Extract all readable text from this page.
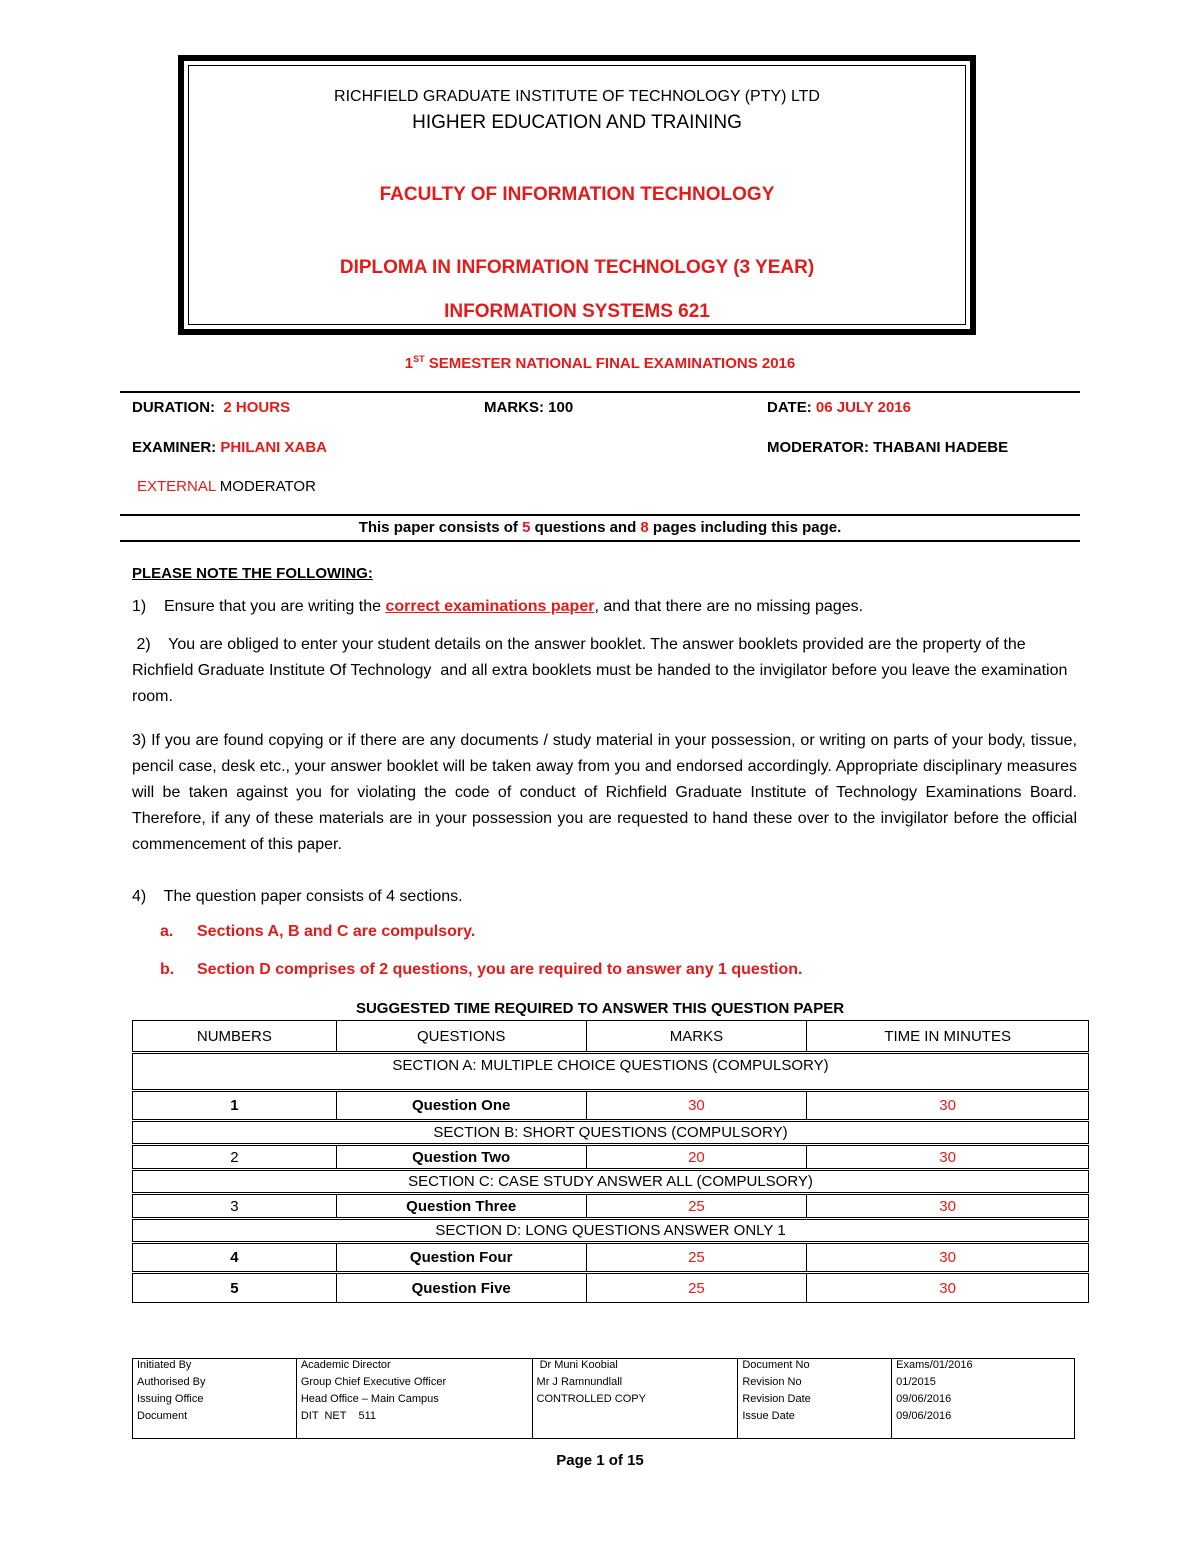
RICHFIELD GRADUATE INSTITUTE OF TECHNOLOGY (PTY) LTD
HIGHER EDUCATION AND TRAINING
FACULTY OF INFORMATION TECHNOLOGY
DIPLOMA IN INFORMATION TECHNOLOGY (3 YEAR)
INFORMATION SYSTEMS 621
1ST SEMESTER NATIONAL FINAL EXAMINATIONS 2016
DURATION: 2 HOURS	MARKS: 100	DATE: 06 JULY 2016
EXAMINER: PHILANI XABA	MODERATOR: THABANI HADEBE
EXTERNAL MODERATOR
This paper consists of 5 questions and 8 pages including this page.
PLEASE NOTE THE FOLLOWING:
1)    Ensure that you are writing the correct examinations paper, and that there are no missing pages.
2)    You are obliged to enter your student details on the answer booklet. The answer booklets provided are the property of the Richfield Graduate Institute Of Technology  and all extra booklets must be handed to the invigilator before you leave the examination room.
3) If you are found copying or if there are any documents / study material in your possession, or writing on parts of your body, tissue, pencil case, desk etc., your answer booklet will be taken away from you and endorsed accordingly. Appropriate disciplinary measures will be taken against you for violating the code of conduct of Richfield Graduate Institute of Technology Examinations Board. Therefore, if any of these materials are in your possession you are requested to hand these over to the invigilator before the official commencement of this paper.
4)    The question paper consists of 4 sections.
a. Sections A, B and C are compulsory.
b. Section D comprises of 2 questions, you are required to answer any 1 question.
SUGGESTED TIME REQUIRED TO ANSWER THIS QUESTION PAPER
NUMBERS	QUESTIONS	MARKS	TIME IN MINUTES
SECTION A: MULTIPLE CHOICE QUESTIONS (COMPULSORY)			
1	Question One	30	30
SECTION B: SHORT QUESTIONS (COMPULSORY)			
2	Question Two	20	30
SECTION C: CASE STUDY ANSWER ALL (COMPULSORY)			
3	Question Three	25	30
SECTION D: LONG QUESTIONS ANSWER ONLY 1			
4	Question Four	25	30
5	Question Five	25	30
Initiated By	Academic Director	Dr Muni Koobial	Document No	Exams/01/2016
Authorised By	Group Chief Executive Officer	Mr J Ramnundlall	Revision No	01/2015
Issuing Office	Head Office – Main Campus	CONTROLLED COPY	Revision Date	09/06/2016
Document	DIT  NET    511		Issue Date	09/06/2016
Page 1 of 15
